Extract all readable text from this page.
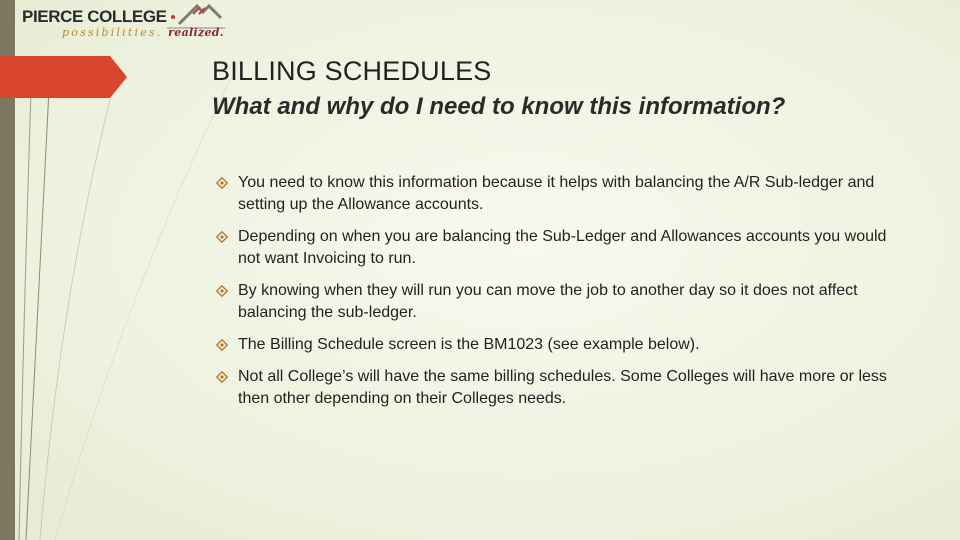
PIERCE COLLEGE
possibilities. realized.
BILLING SCHEDULES
What and why do I need to know this information?
You need to know this information because it helps with balancing the A/R Sub-ledger and setting up the Allowance accounts.
Depending on when you are balancing the Sub-Ledger and Allowances accounts you would not want Invoicing to run.
By knowing when they will run you can move the job to another day so it does not affect balancing the sub-ledger.
The Billing Schedule screen is the BM1023 (see example below).
Not all College’s will have the same billing schedules. Some Colleges will have more or less then other depending on their Colleges needs.
